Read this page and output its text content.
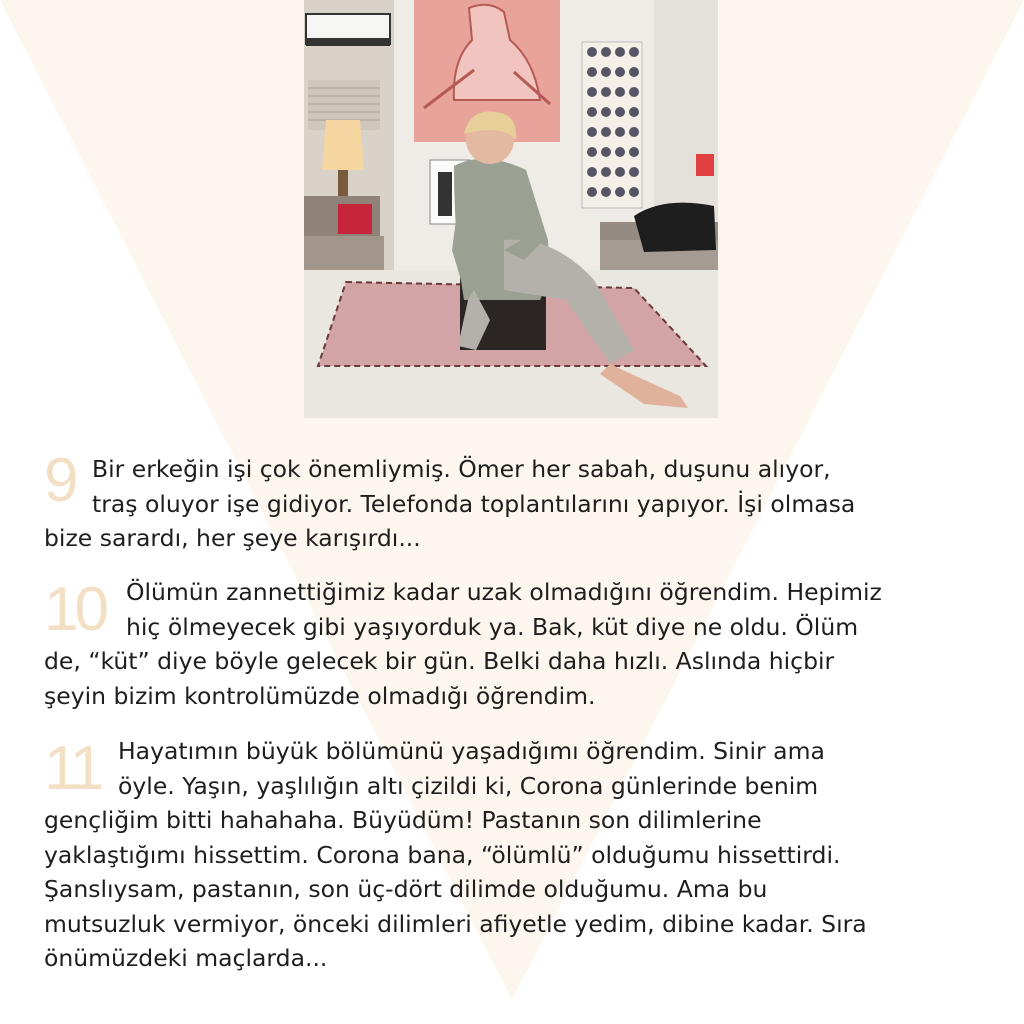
9 Bir erkeğin işi çok önemliymiş. Ömer her sabah, duşunu alıyor,
traş oluyor işe gidiyor. Telefonda toplantılarını yapıyor. İşi olmasa
bize sarardı, her şeye karışırdı...

10 Ölümün zannettiğimiz kadar uzak olmadığını öğrendim. Hepimiz
hiç ölmeyecek gibi yaşıyorduk ya. Bak, küt diye ne oldu. Ölüm
de, “küt” diye böyle gelecek bir gün. Belki daha hızlı. Aslında hiçbir
şeyin bizim kontrolümüzde olmadığı öğrendim.

11 Hayatımın büyük bölümünü yaşadığımı öğrendim. Sinir ama
öyle. Yaşın, yaşlılığın altı çizildi ki, Corona günlerinde benim
gençliğim bitti hahahaha. Büyüdüm! Pastanın son dilimlerine
yaklaştığımı hissettim. Corona bana, “ölümlü” olduğumu hissettirdi.
Şanslıysam, pastanın, son üç-dört dilimde olduğumu. Ama bu
mutsuzluk vermiyor, önceki dilimleri afiyetle yedim, dibine kadar. Sıra
önümüzdeki maçlarda...
